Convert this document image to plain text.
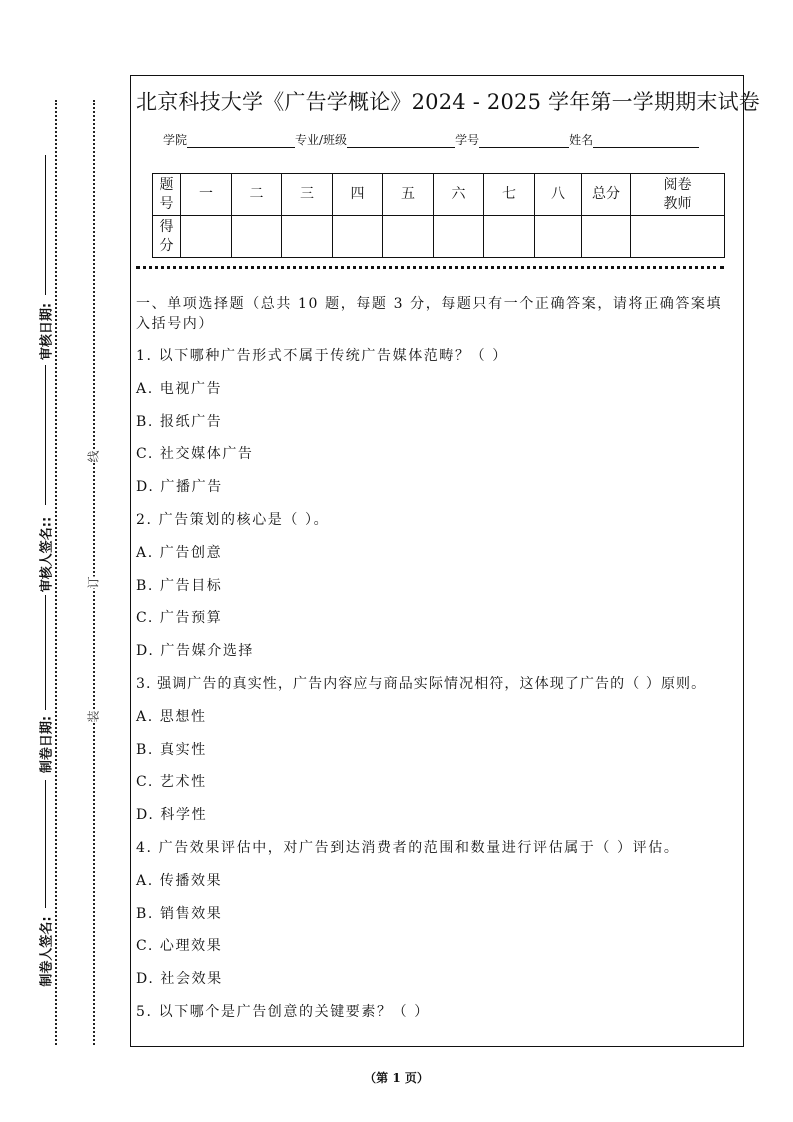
审核日期:
审核人签名::
制卷日期:
制卷人签名:
线
订
装
北京科技大学《广告学概论》2024 - 2025 学年第一学期期末试卷
学院	专业/班级	学号	姓名
题
号	一	二	三	四	五	六	七	八	总分	阅卷
教师
得
分										
一、单项选择题（总共 10 题，每题 3 分，每题只有一个正确答案，请将正确答案填
入括号内）
1. 以下哪种广告形式不属于传统广告媒体范畴？（ ）
A. 电视广告
B. 报纸广告
C. 社交媒体广告
D. 广播广告
2. 广告策划的核心是（ ）。
A. 广告创意
B. 广告目标
C. 广告预算
D. 广告媒介选择
3. 强调广告的真实性，广告内容应与商品实际情况相符，这体现了广告的（ ）原则。
A. 思想性
B. 真实性
C. 艺术性
D. 科学性
4. 广告效果评估中，对广告到达消费者的范围和数量进行评估属于（ ）评估。
A. 传播效果
B. 销售效果
C. 心理效果
D. 社会效果
5. 以下哪个是广告创意的关键要素？（ ）
（第 1 页）
